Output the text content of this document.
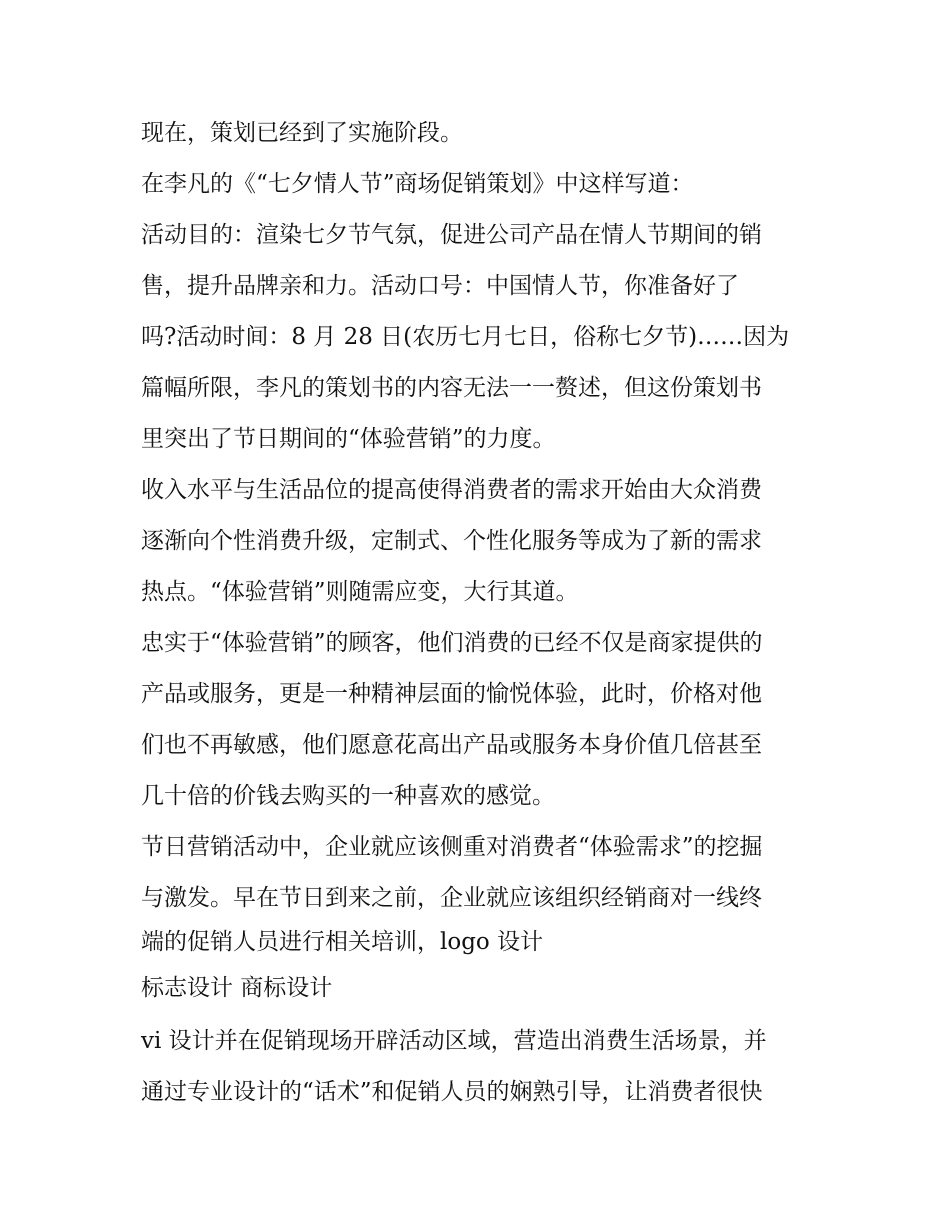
现在，策划已经到了实施阶段。
在李凡的《“七夕情人节”商场促销策划》中这样写道：
活动目的：渲染七夕节气氛，促进公司产品在情人节期间的销
售，提升品牌亲和力。活动口号：中国情人节，你准备好了
吗?活动时间：8 月 28 日(农历七月七日，俗称七夕节)……因为
篇幅所限，李凡的策划书的内容无法一一赘述，但这份策划书
里突出了节日期间的“体验营销”的力度。
收入水平与生活品位的提高使得消费者的需求开始由大众消费
逐渐向个性消费升级，定制式、个性化服务等成为了新的需求
热点。“体验营销”则随需应变，大行其道。
忠实于“体验营销”的顾客，他们消费的已经不仅是商家提供的
产品或服务，更是一种精神层面的愉悦体验，此时，价格对他
们也不再敏感，他们愿意花高出产品或服务本身价值几倍甚至
几十倍的价钱去购买的一种喜欢的感觉。
节日营销活动中，企业就应该侧重对消费者“体验需求”的挖掘
与激发。早在节日到来之前，企业就应该组织经销商对一线终
端的促销人员进行相关培训，logo 设计
标志设计 商标设计
vi 设计并在促销现场开辟活动区域，营造出消费生活场景，并
通过专业设计的“话术”和促销人员的娴熟引导，让消费者很快
